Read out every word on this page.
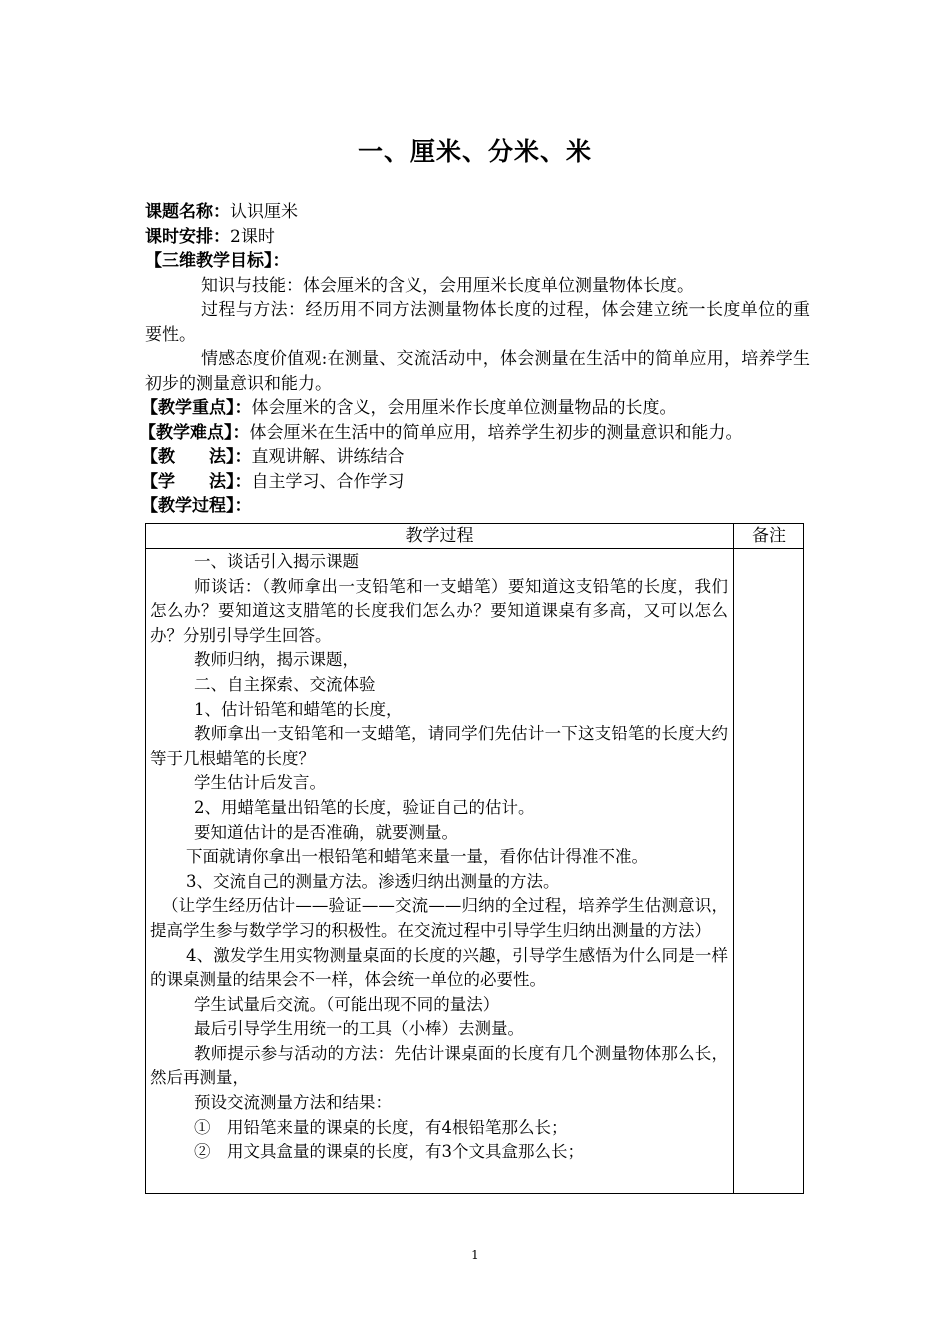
一、厘米、分米、米

课题名称：认识厘米

课时安排：2课时

【三维教学目标】：

知识与技能：体会厘米的含义，会用厘米长度单位测量物体长度。

过程与方法：经历用不同方法测量物体长度的过程，体会建立统一长度单位的重要性。

情感态度价值观:在测量、交流活动中，体会测量在生活中的简单应用，培养学生初步的测量意识和能力。

【教学重点】：体会厘米的含义，会用厘米作长度单位测量物品的长度。

【教学难点】：体会厘米在生活中的简单应用，培养学生初步的测量意识和能力。

【教　　法】：直观讲解、讲练结合

【学　　法】：自主学习、合作学习

【教学过程】：

教学过程	备注

一、谈话引入揭示课题

师谈话：（教师拿出一支铅笔和一支蜡笔）要知道这支铅笔的长度，我们怎么办？要知道这支腊笔的长度我们怎么办？要知道课桌有多高，又可以怎么办？分别引导学生回答。

教师归纳，揭示课题，

二、自主探索、交流体验

1、估计铅笔和蜡笔的长度，

教师拿出一支铅笔和一支蜡笔，请同学们先估计一下这支铅笔的长度大约等于几根蜡笔的长度？

学生估计后发言。

2、用蜡笔量出铅笔的长度，验证自己的估计。

要知道估计的是否准确，就要测量。

下面就请你拿出一根铅笔和蜡笔来量一量，看你估计得准不准。

3、交流自己的测量方法。渗透归纳出测量的方法。

（让学生经历估计——验证——交流——归纳的全过程，培养学生估测意识，提高学生参与数学学习的积极性。在交流过程中引导学生归纳出测量的方法）

4、激发学生用实物测量桌面的长度的兴趣，引导学生感悟为什么同是一样的课桌测量的结果会不一样，体会统一单位的必要性。

学生试量后交流。（可能出现不同的量法）

最后引导学生用统一的工具（小棒）去测量。

教师提示参与活动的方法：先估计课桌面的长度有几个测量物体那么长，然后再测量，

预设交流测量方法和结果：

①　用铅笔来量的课桌的长度，有4根铅笔那么长；

②　用文具盒量的课桌的长度，有3个文具盒那么长；

1
